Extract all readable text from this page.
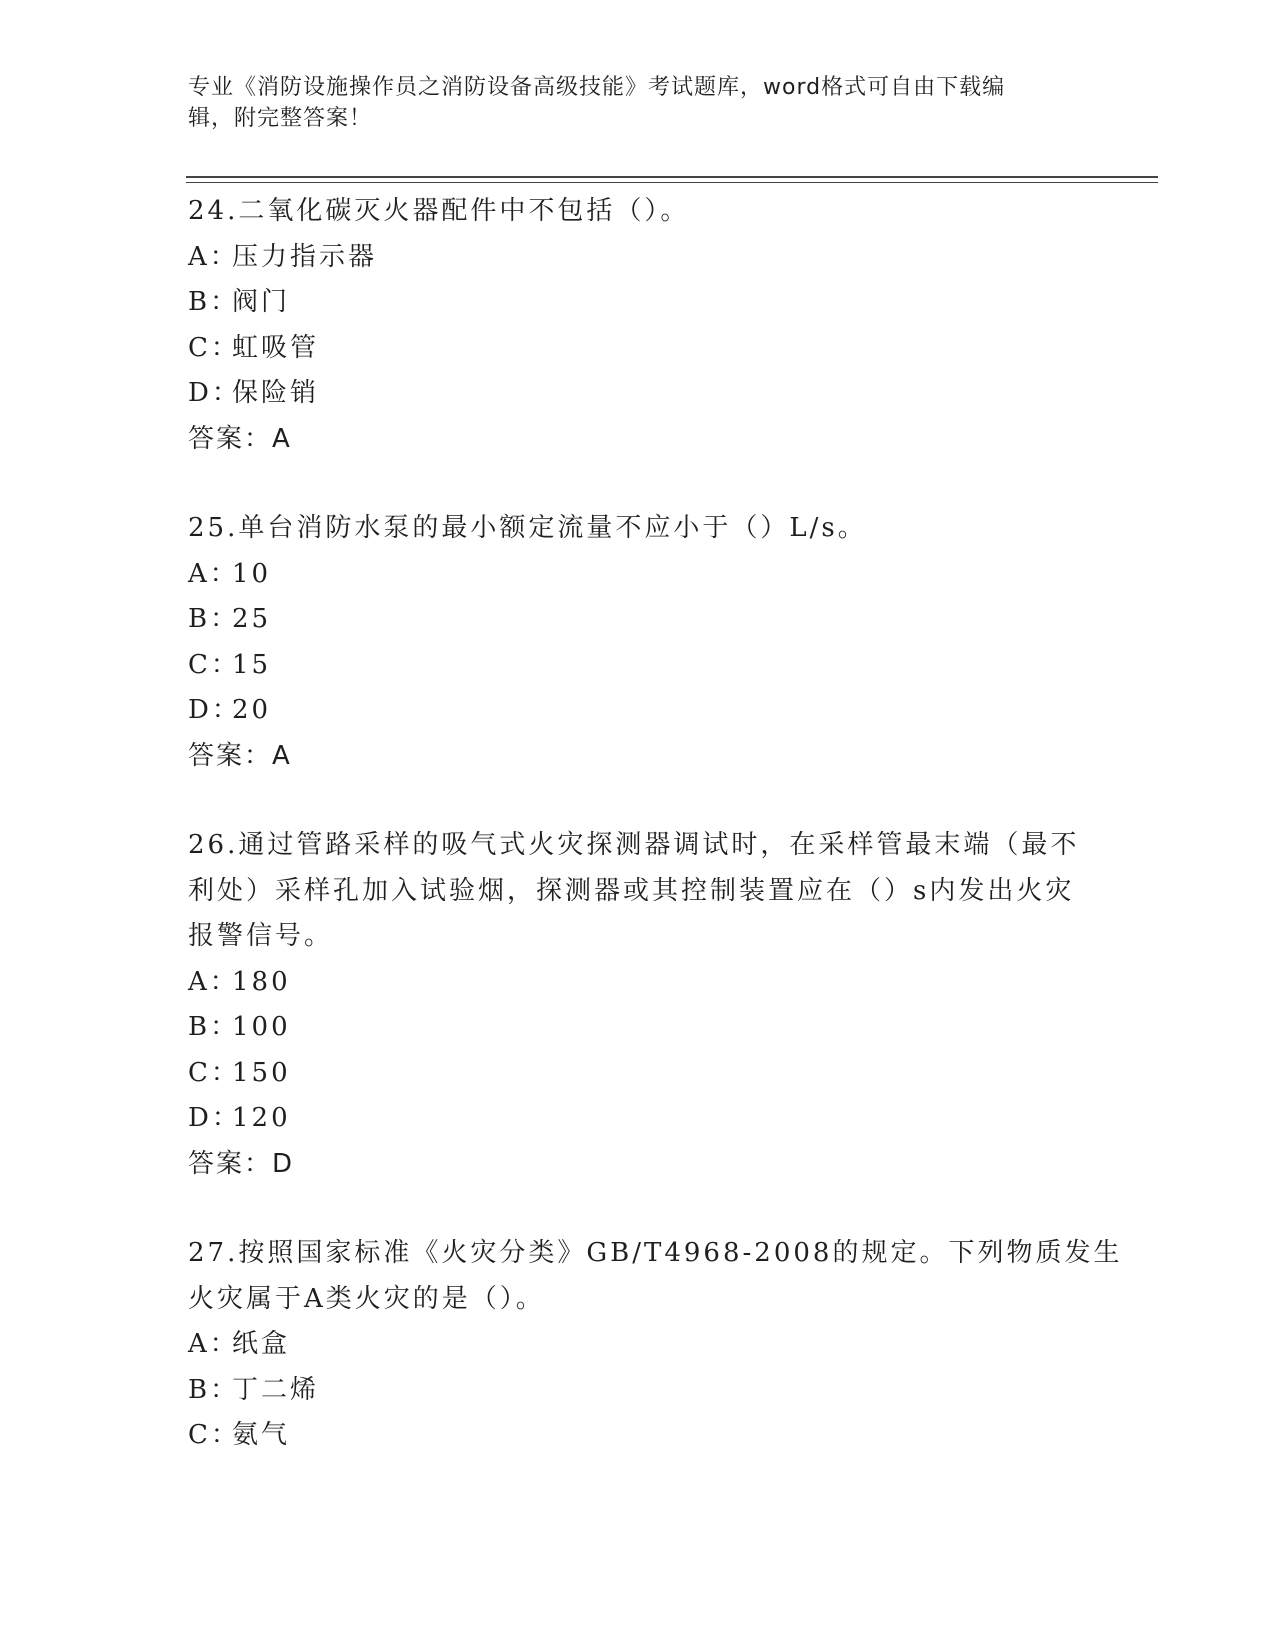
专业《消防设施操作员之消防设备高级技能》考试题库，word格式可自由下载编
辑，附完整答案！
24.二氧化碳灭火器配件中不包括（）。
A：压力指示器
B：阀门
C：虹吸管
D：保险销
答案：A
25.单台消防水泵的最小额定流量不应小于（）L/s。
A：10
B：25
C：15
D：20
答案：A
26.通过管路采样的吸气式火灾探测器调试时，在采样管最末端（最不
利处）采样孔加入试验烟，探测器或其控制装置应在（）s内发出火灾
报警信号。
A：180
B：100
C：150
D：120
答案：D
27.按照国家标准《火灾分类》GB/T4968-2008的规定。下列物质发生
火灾属于A类火灾的是（）。
A：纸盒
B：丁二烯
C：氨气
